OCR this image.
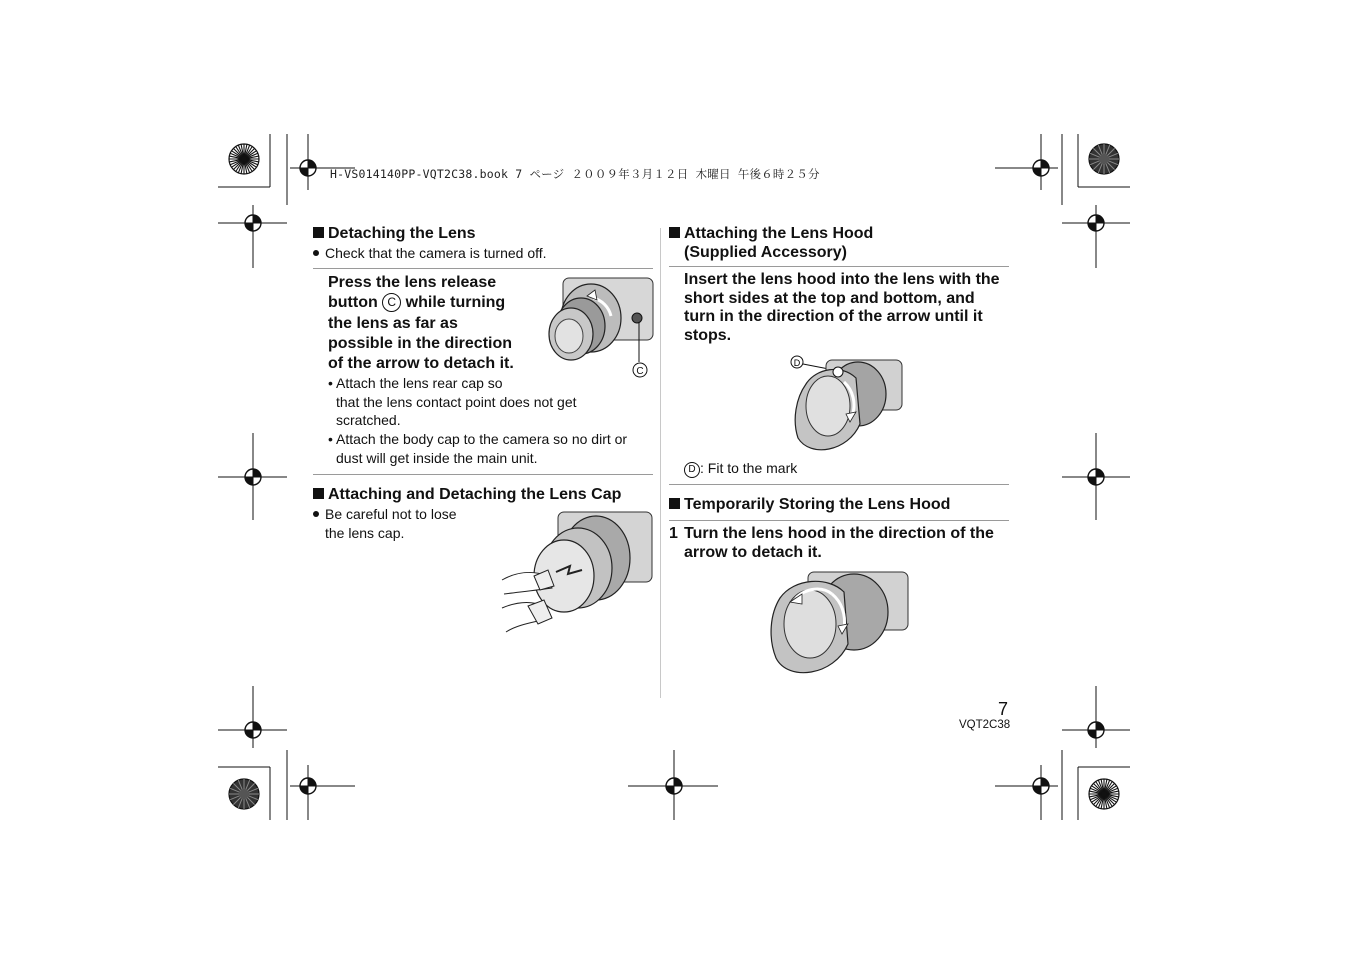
H-VS014140PP-VQT2C38.book 7 ページ ２００９年３月１２日 木曜日 午後６時２５分
Detaching the Lens
Check that the camera is turned off.
Press the lens release
button C while turning
the lens as far as
possible in the direction
of the arrow to detach it.	C
• Attach the lens rear cap so
that the lens contact point does not get
scratched.
• Attach the body cap to the camera so no dirt or
dust will get inside the main unit.
Attaching and Detaching the Lens Cap
Be careful not to lose
the lens cap.
Attaching the Lens Hood
(Supplied Accessory)
Insert the lens hood into the lens with the
short sides at the top and bottom, and
turn in the direction of the arrow until it
stops.
D
D : Fit to the mark
Temporarily Storing the Lens Hood
1 Turn the lens hood in the direction of the
arrow to detach it.
7
VQT2C38
